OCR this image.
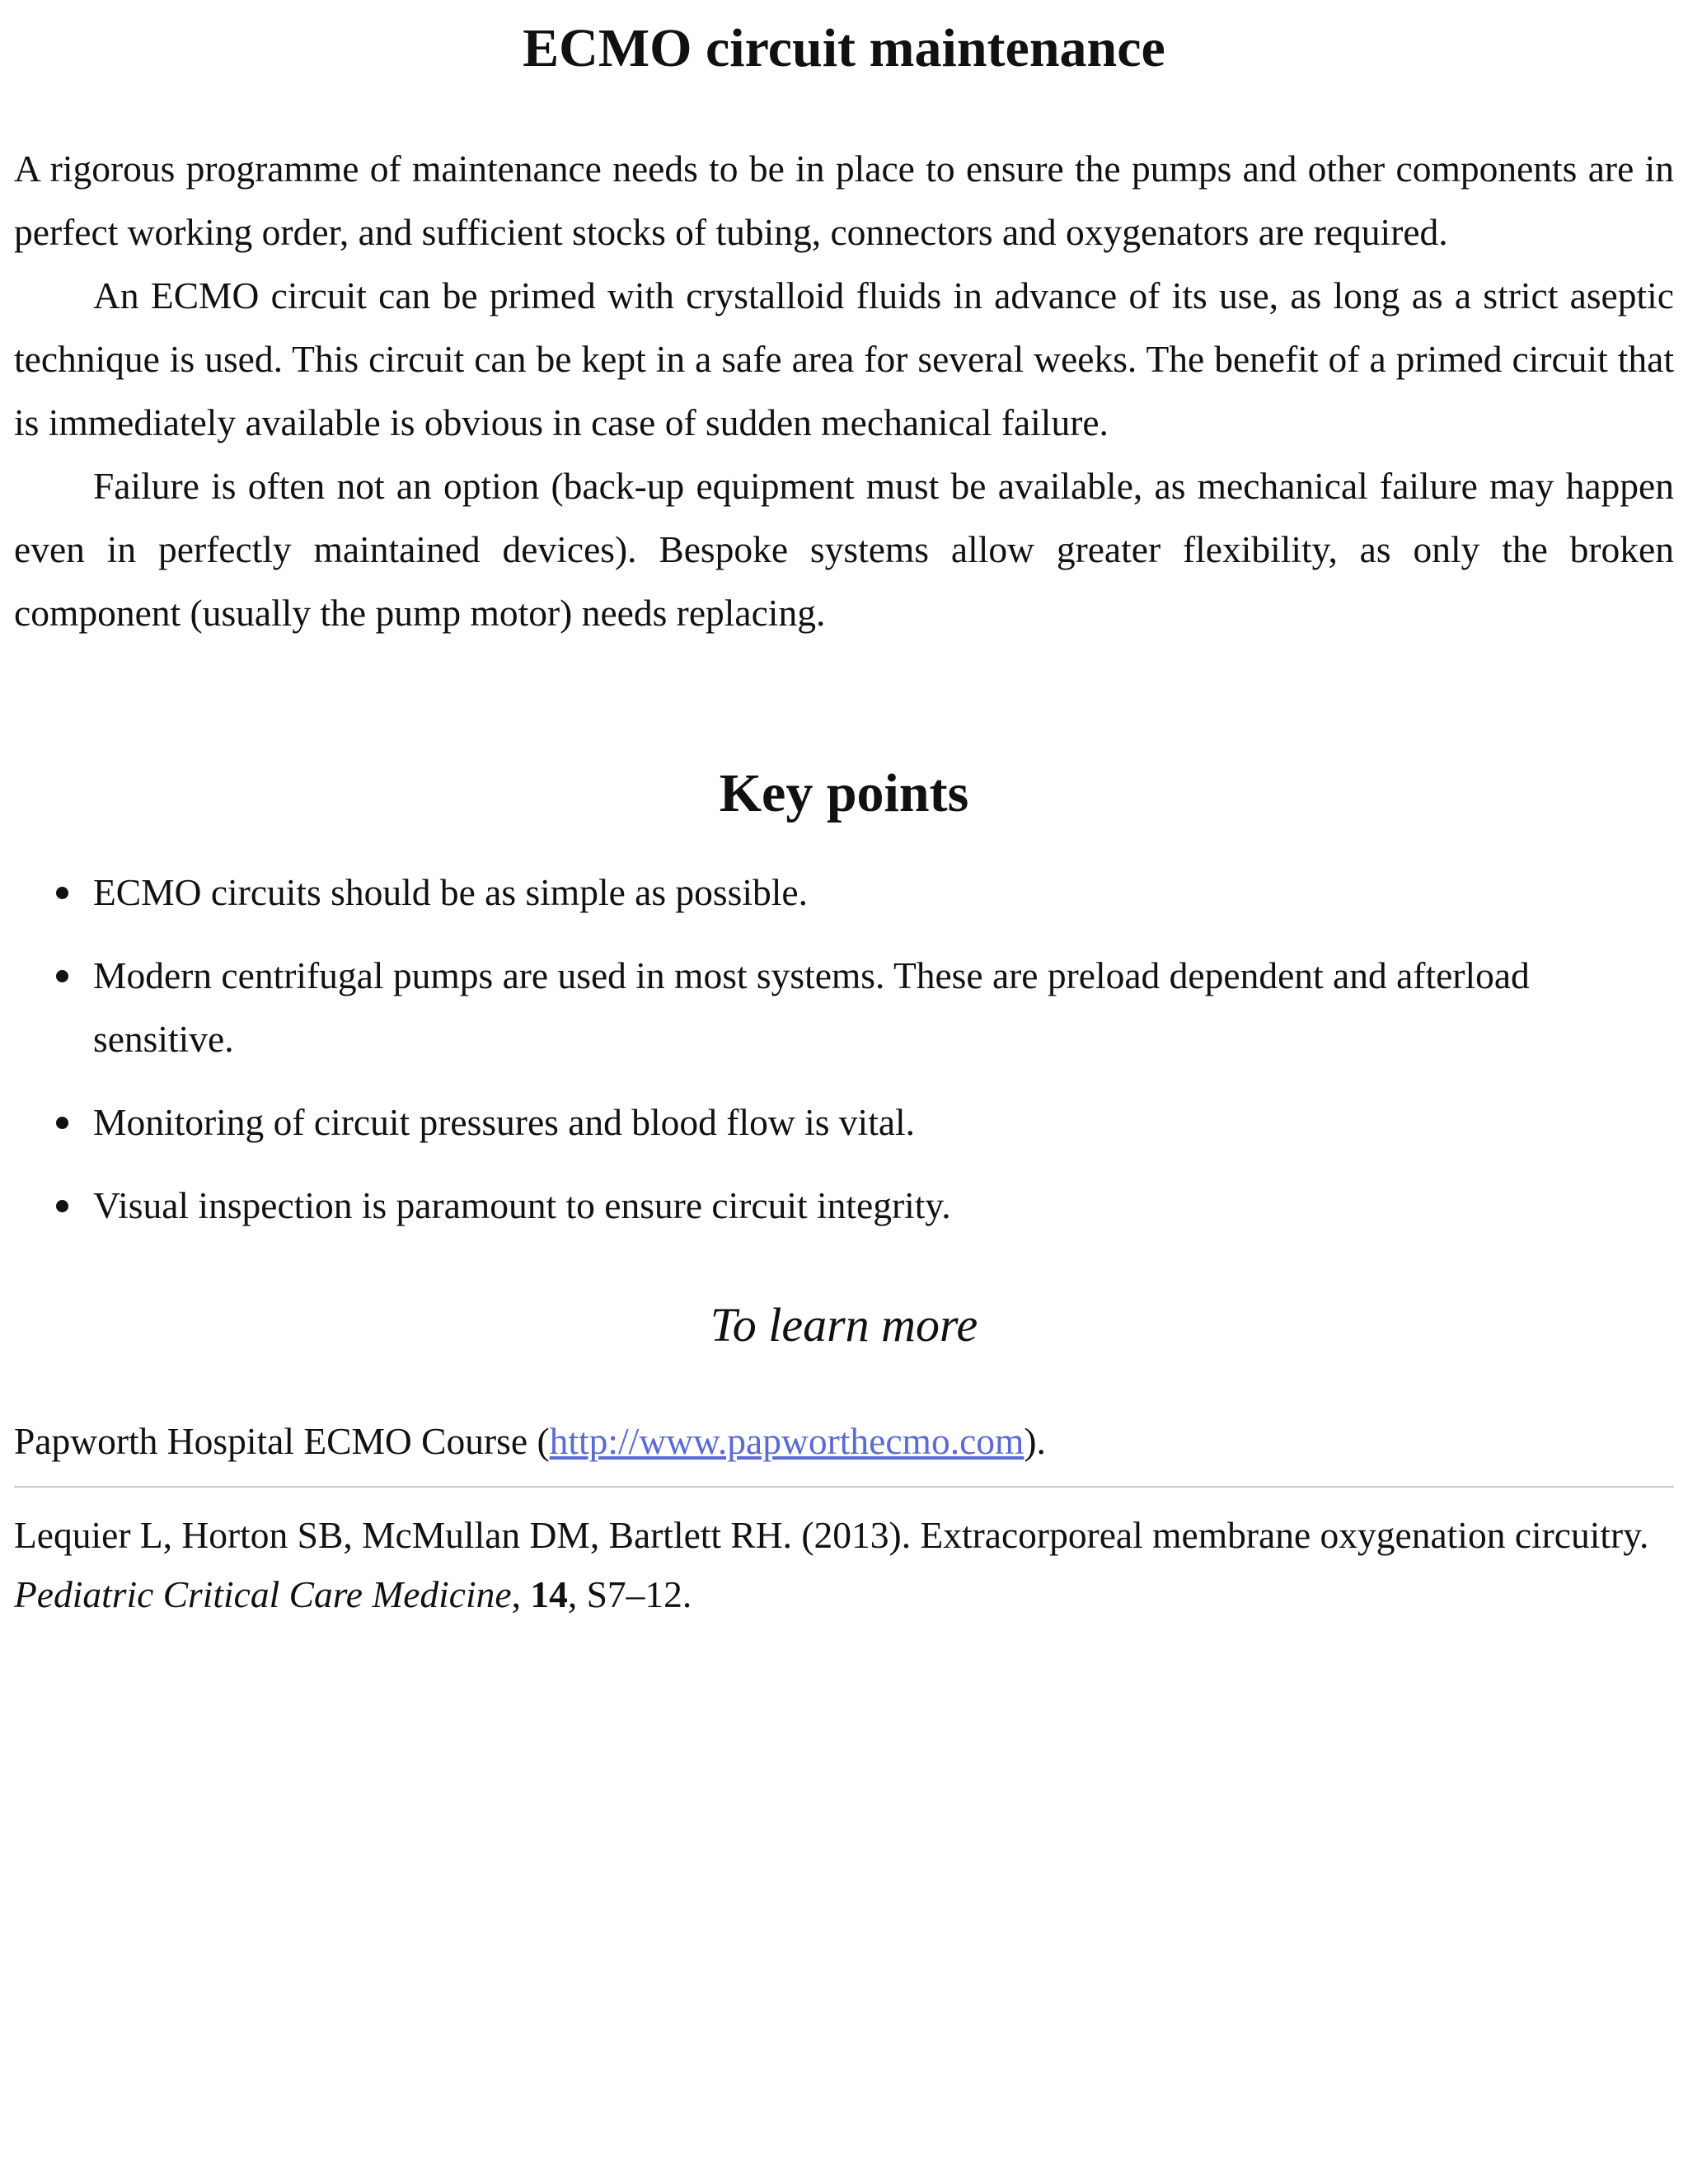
ECMO circuit maintenance

A rigorous programme of maintenance needs to be in place to ensure the pumps and other components are in perfect working order, and sufficient stocks of tubing, connectors and oxygenators are required.

An ECMO circuit can be primed with crystalloid fluids in advance of its use, as long as a strict aseptic technique is used. This circuit can be kept in a safe area for several weeks. The benefit of a primed circuit that is immediately available is obvious in case of sudden mechanical failure.

Failure is often not an option (back-up equipment must be available, as mechanical failure may happen even in perfectly maintained devices). Bespoke systems allow greater flexibility, as only the broken component (usually the pump motor) needs replacing.

Key points
ECMO circuits should be as simple as possible.
Modern centrifugal pumps are used in most systems. These are preload dependent and afterload sensitive.
Monitoring of circuit pressures and blood flow is vital.
Visual inspection is paramount to ensure circuit integrity.
To learn more

Papworth Hospital ECMO Course (http://www.papworthecmo.com).

Lequier L, Horton SB, McMullan DM, Bartlett RH. (2013). Extracorporeal membrane oxygenation circuitry. Pediatric Critical Care Medicine, 14, S7–12.
